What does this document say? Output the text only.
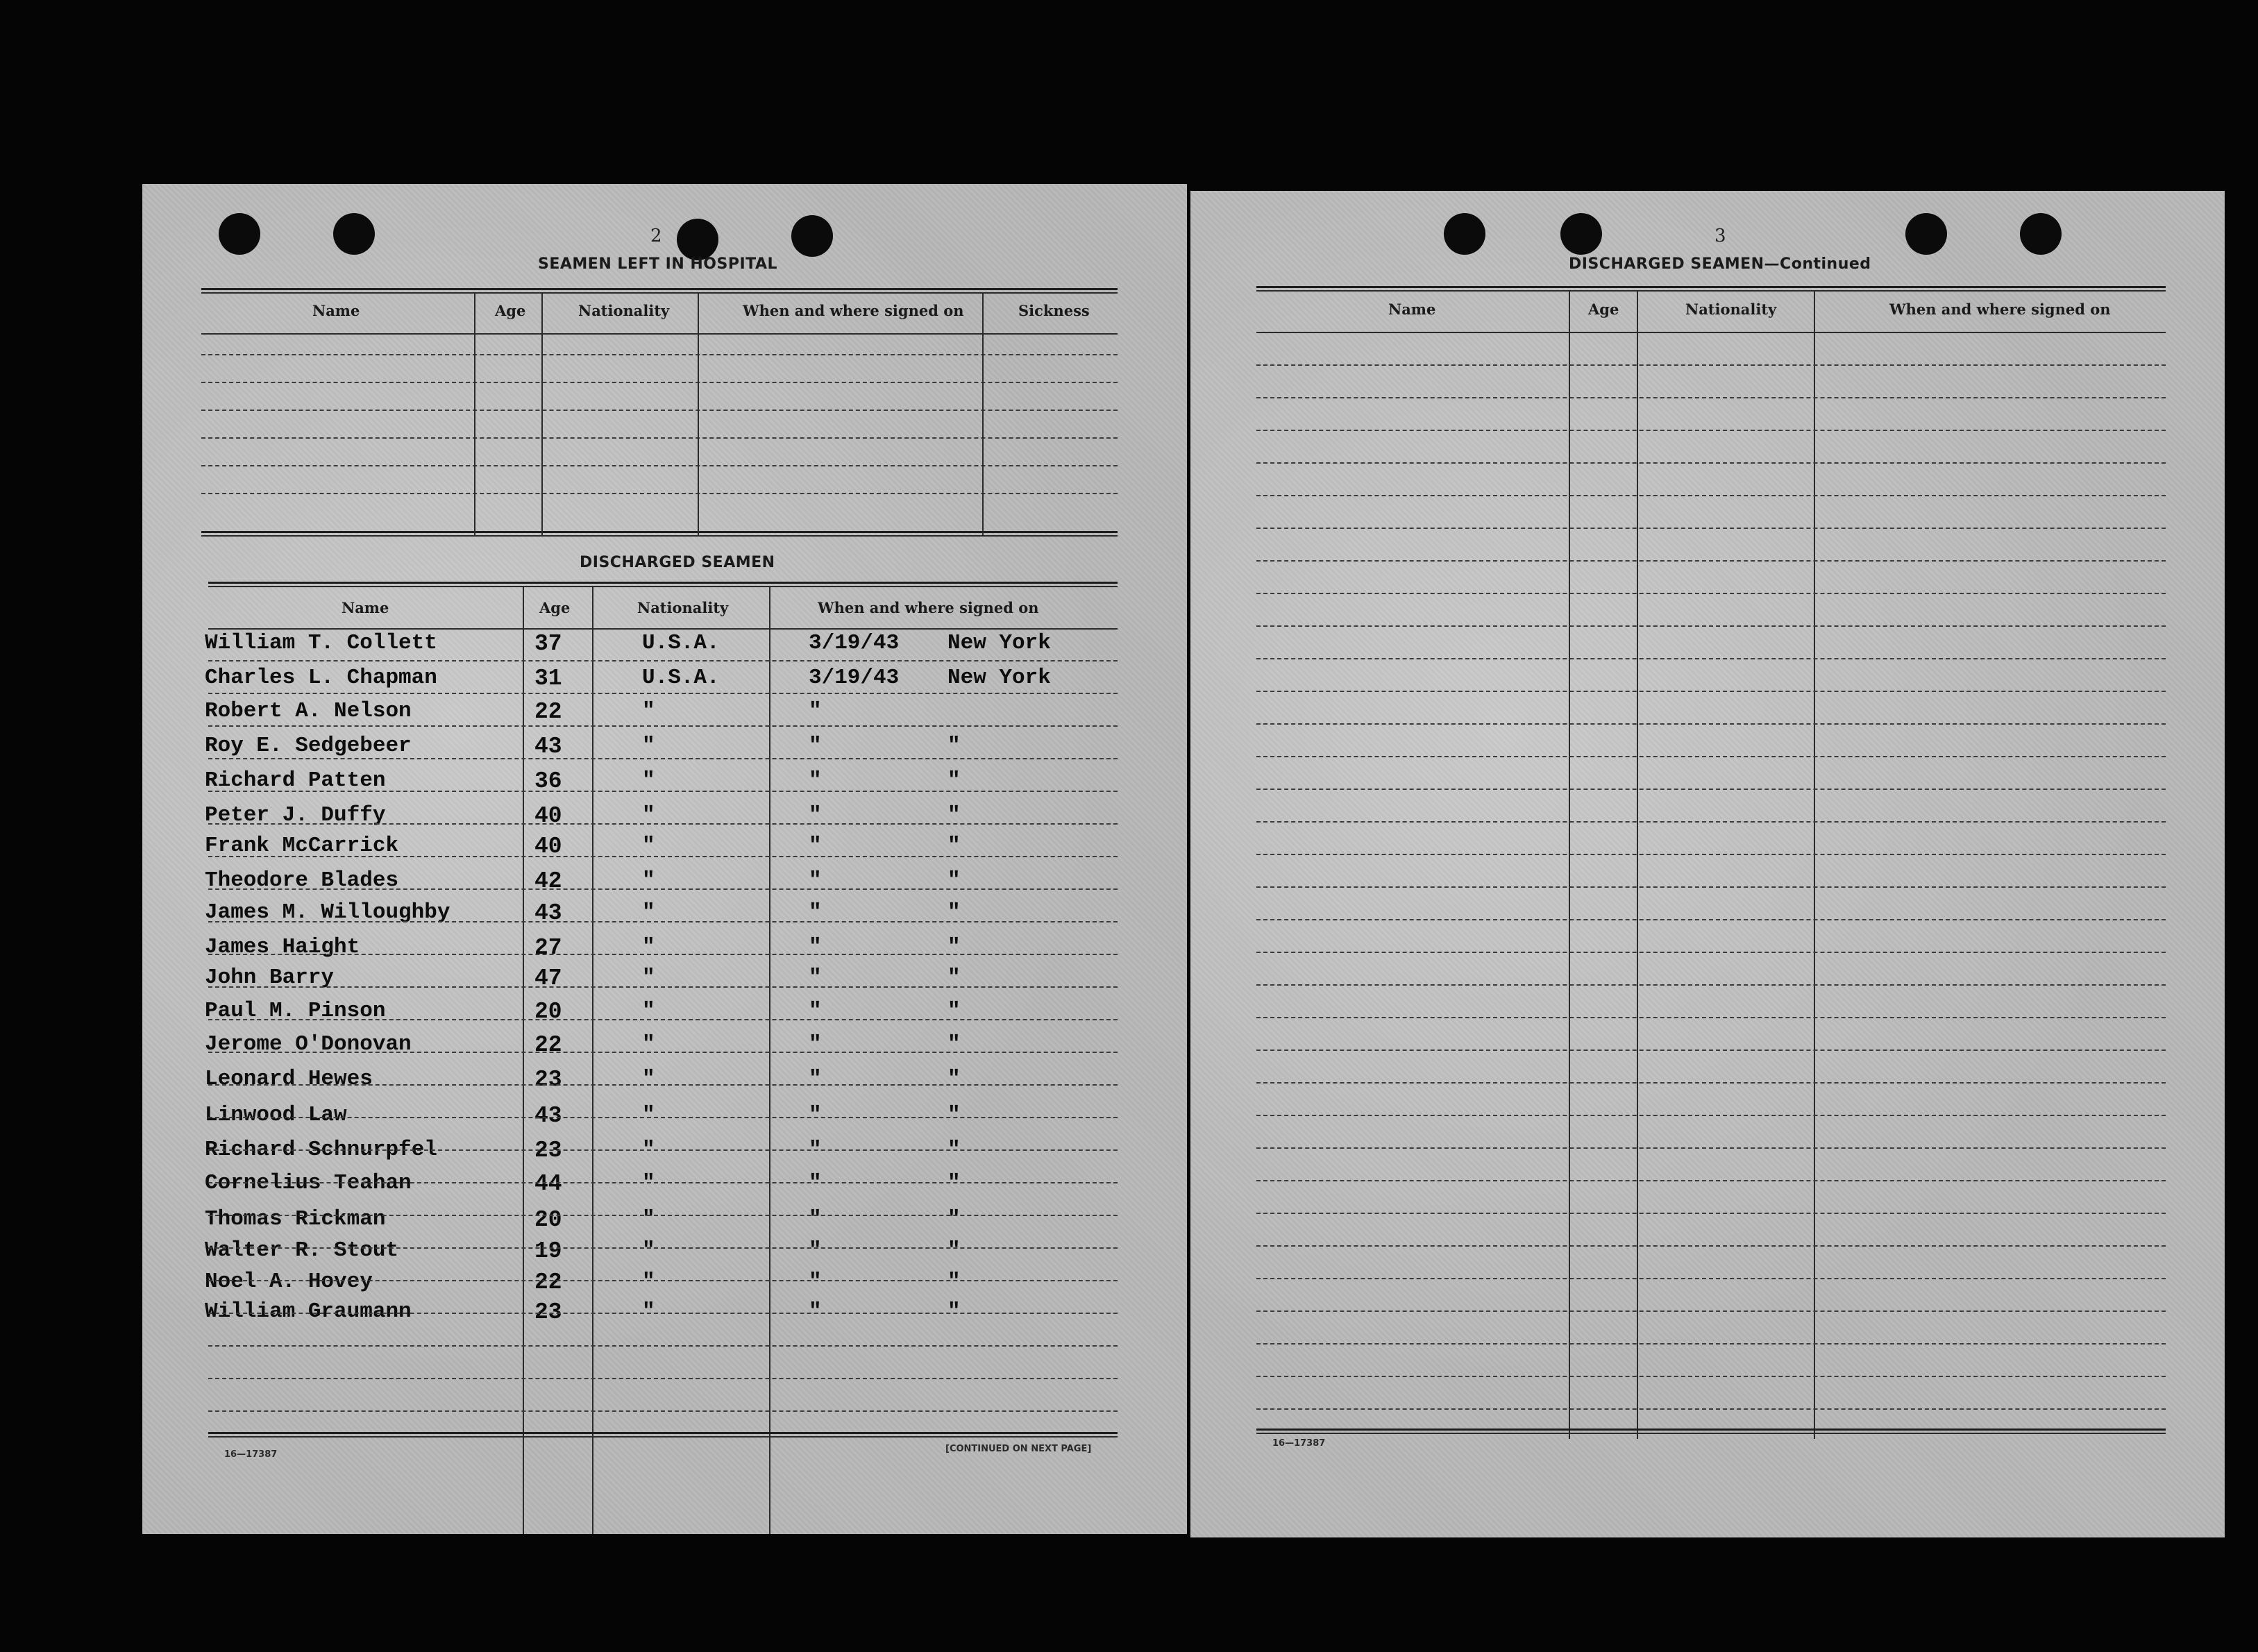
2
SEAMEN LEFT IN HOSPITAL
Name	Age	Nationality	When and where signed on	Sickness
DISCHARGED SEAMEN
Name	Age	Nationality	When and where signed on
William T. Collett	37	U.S.A.	3/19/43 New York
Charles L. Chapman	31	U.S.A.	3/19/43 New York
Robert A. Nelson	22	"	"
Roy E. Sedgebeer	43	"	"	"
Richard Patten	36	"	"	"
Peter J. Duffy	40	"	"	"
Frank McCarrick	40	"	"	"
Theodore Blades	42	"	"	"
James M. Willoughby	43	"	"	"
James Haight	27	"	"	"
John Barry	47	"	"	"
Paul M. Pinson	20	"	"	"
Jerome O'Donovan	22	"	"	"
Leonard Hewes	23	"	"	"
Linwood Law	43	"	"	"
Richard Schnurpfel	23	"	"	"
Cornelius Teahan	44	"	"	"
Thomas Rickman	20	"	"	"
Walter R. Stout	19	"	"	"
Noel A. Hovey	22	"	"	"
William Graumann	23	"	"	"
16—17387
[CONTINUED ON NEXT PAGE]
3
DISCHARGED SEAMEN—Continued
Name	Age	Nationality	When and where signed on
16—17387
